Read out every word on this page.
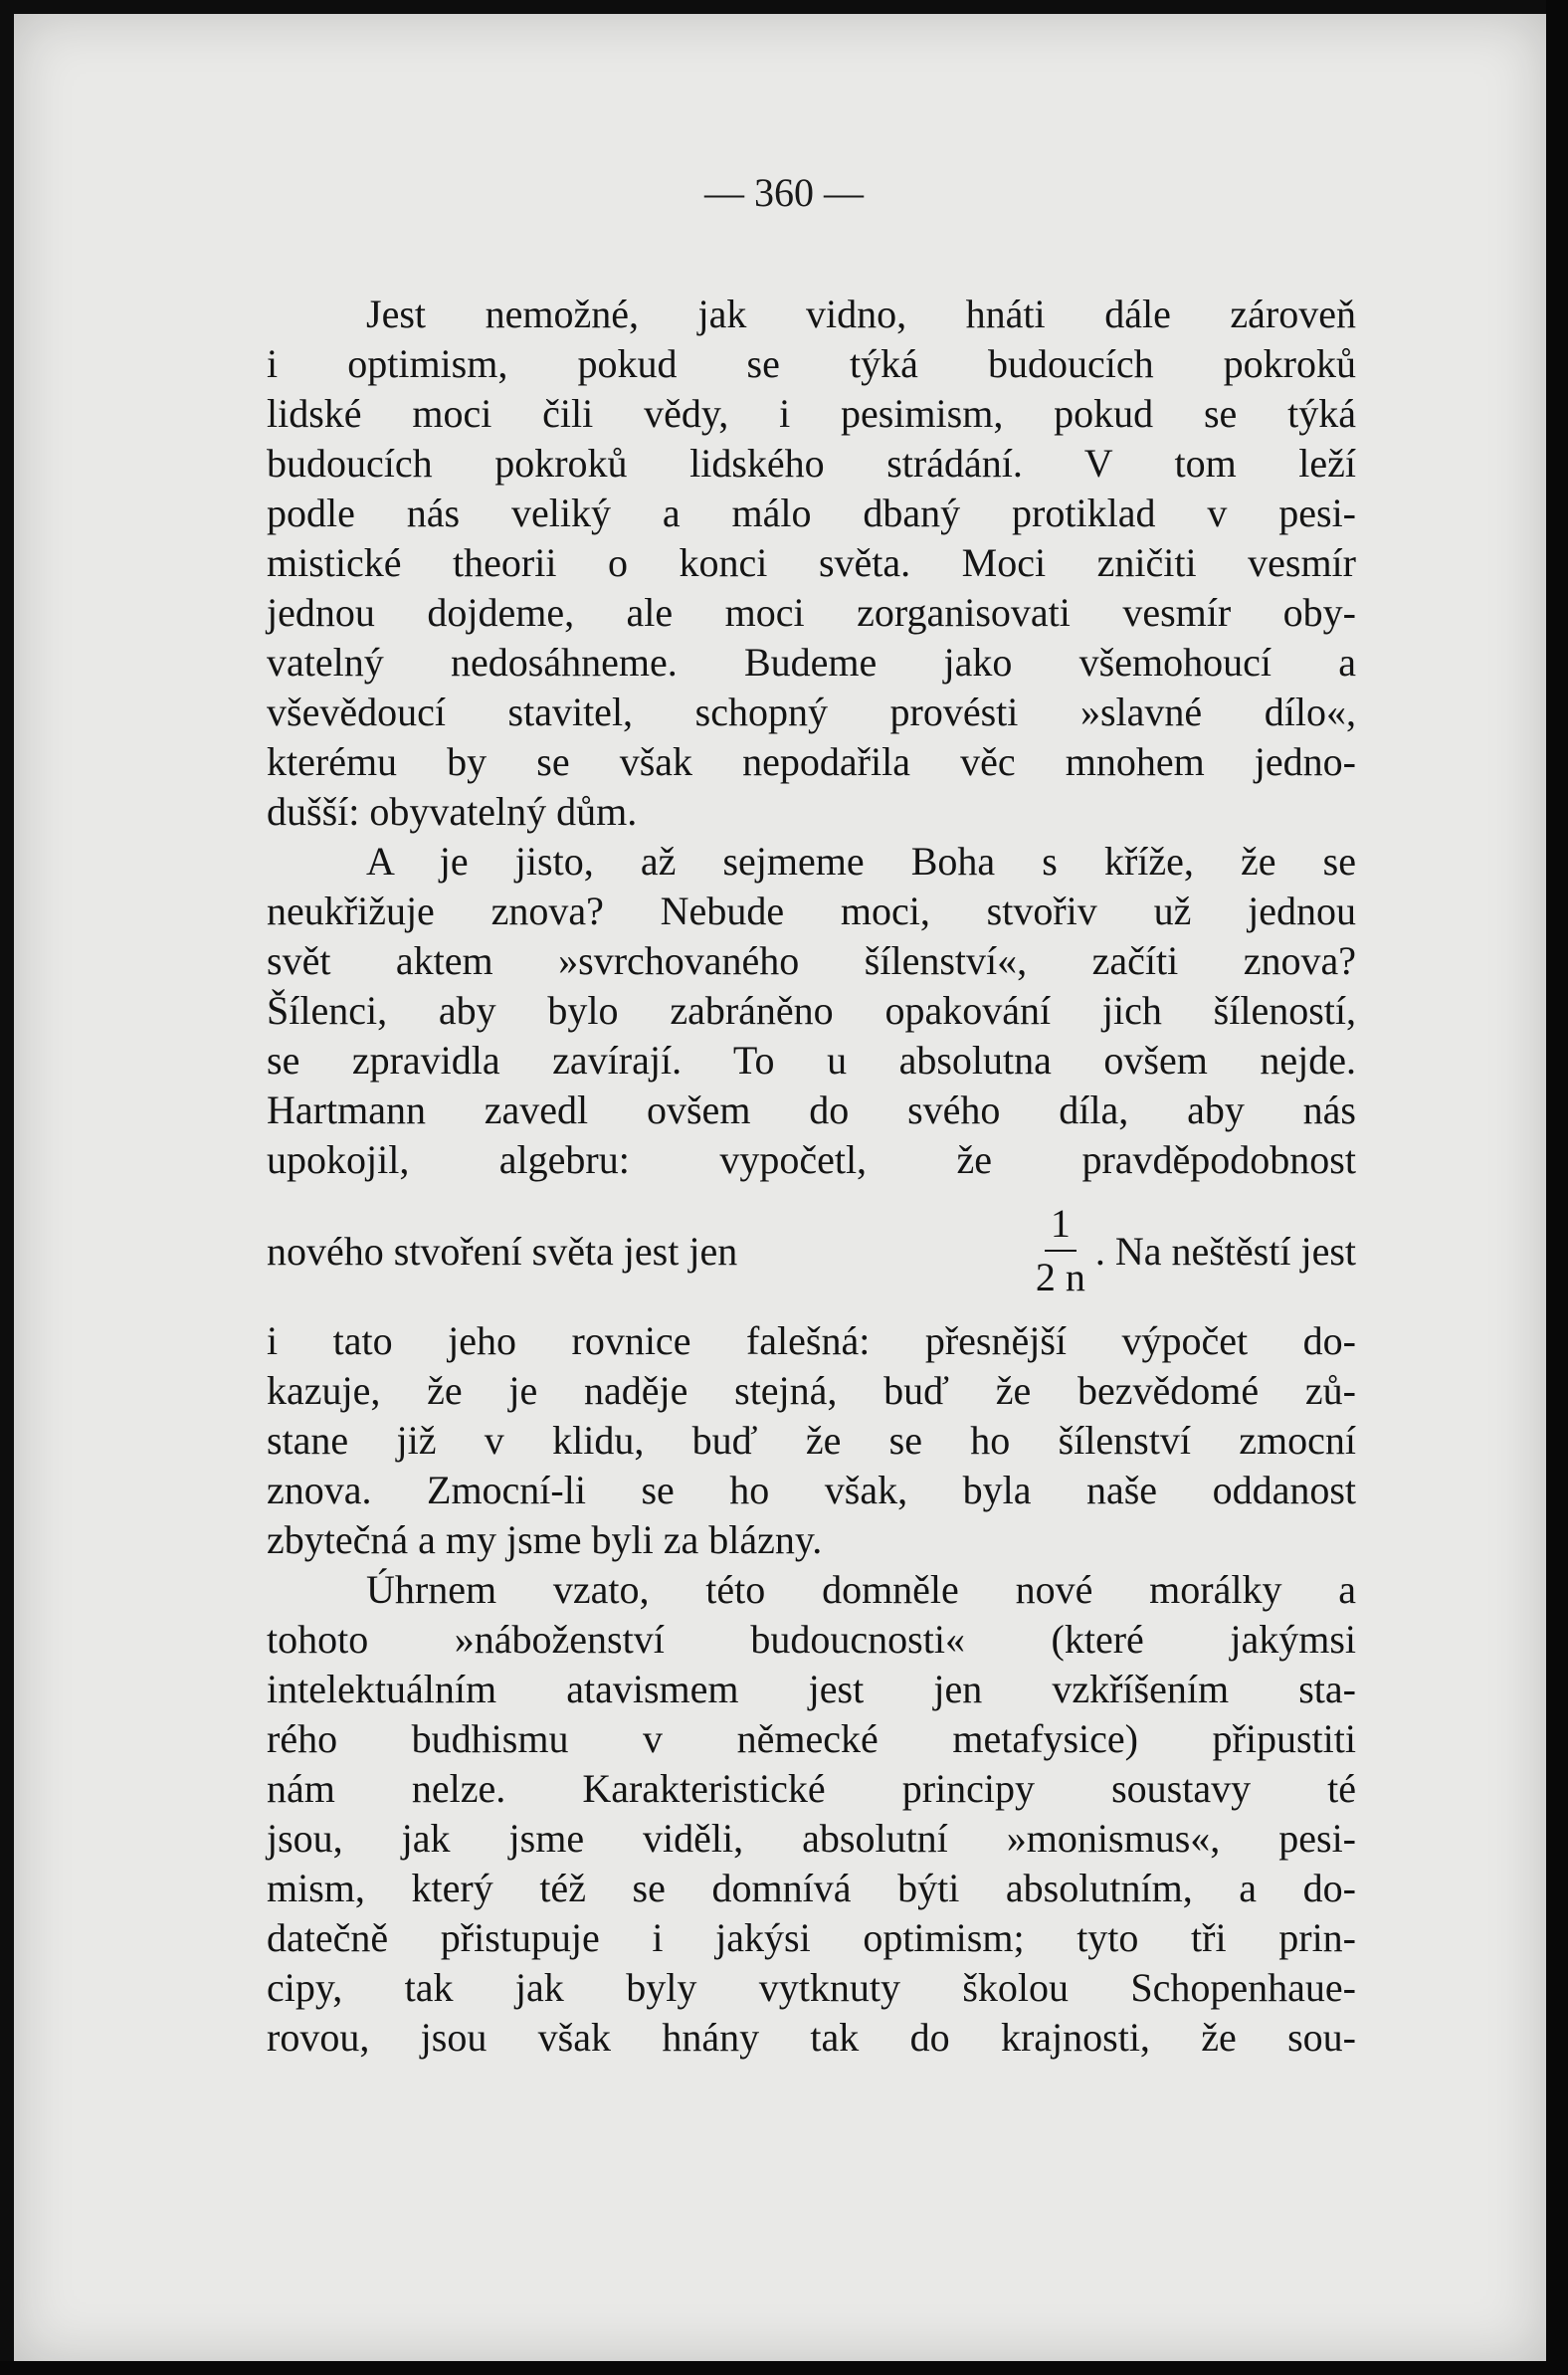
— 360 —
Jest nemožné, jak vidno, hnáti dále zároveň
i optimism, pokud se týká budoucích pokroků
lidské moci čili vědy, i pesimism, pokud se týká
budoucích pokroků lidského strádání. V tom leží
podle nás veliký a málo dbaný protiklad v pesi-
mistické theorii o konci světa. Moci zničiti vesmír
jednou dojdeme, ale moci zorganisovati vesmír oby-
vatelný nedosáhneme. Budeme jako všemohoucí a
vševědoucí stavitel, schopný provésti »slavné dílo«,
kterému by se však nepodařila věc mnohem jedno-
dušší: obyvatelný dům.
A je jisto, až sejmeme Boha s kříže, že se
neukřižuje znova? Nebude moci, stvořiv už jednou
svět aktem »svrchovaného šílenství«, začíti znova?
Šílenci, aby bylo zabráněno opakování jich šíleností,
se zpravidla zavírají. To u absolutna ovšem nejde.
Hartmann zavedl ovšem do svého díla, aby nás
upokojil, algebru: vypočetl, že pravděpodobnost
nového stvoření světa jest jen	$\frac{1}{2 n}$ . Na neštěstí jest
i tato jeho rovnice falešná: přesnější výpočet do-
kazuje, že je naděje stejná, buď že bezvědomé zů-
stane již v klidu, buď že se ho šílenství zmocní
znova. Zmocní-li se ho však, byla naše oddanost
zbytečná a my jsme byli za blázny.
Úhrnem vzato, této domněle nové morálky a
tohoto »náboženství budoucnosti« (které jakýmsi
intelektuálním atavismem jest jen vzkříšením sta-
rého budhismu v německé metafysice) připustiti
nám nelze. Karakteristické principy soustavy té
jsou, jak jsme viděli, absolutní »monismus«, pesi-
mism, který též se domnívá býti absolutním, a do-
datečně přistupuje i jakýsi optimism; tyto tři prin-
cipy, tak jak byly vytknuty školou Schopenhaue-
rovou, jsou však hnány tak do krajnosti, že sou-
